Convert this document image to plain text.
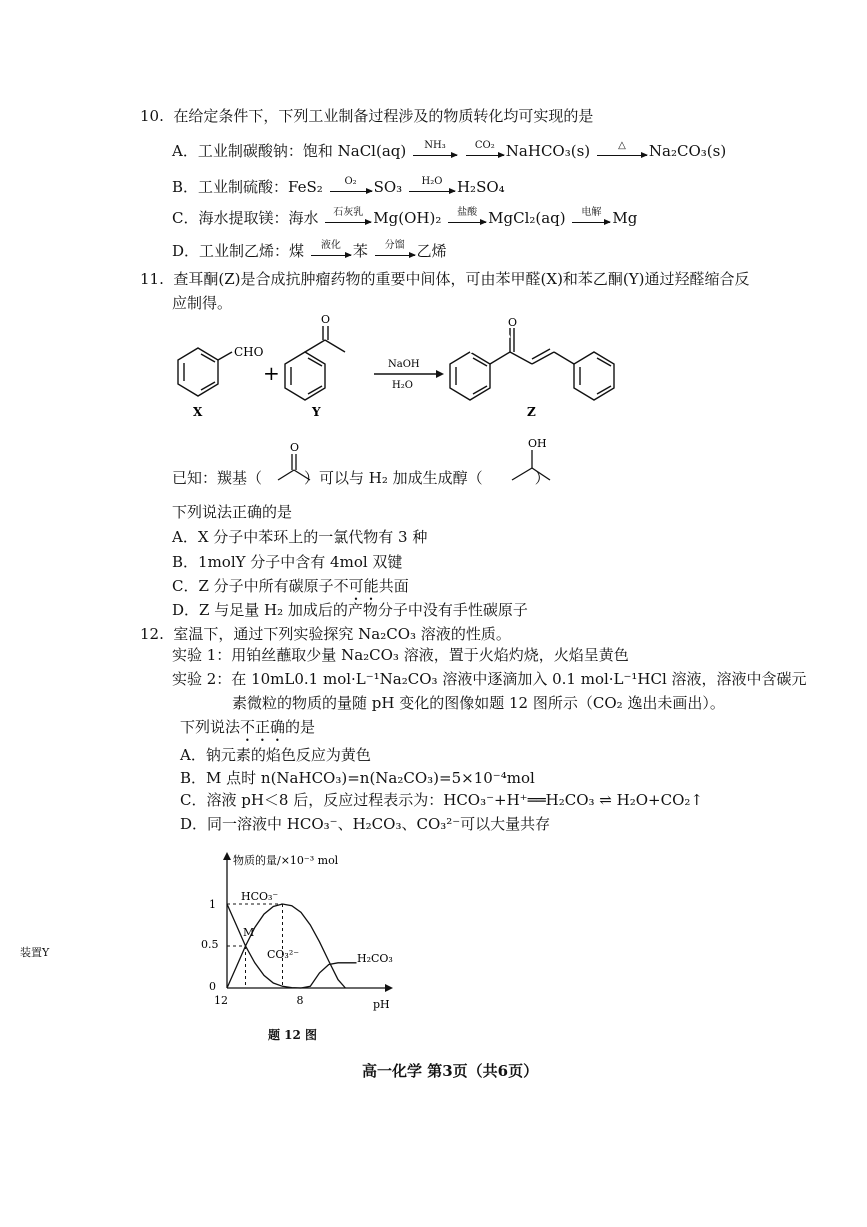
10. 在给定条件下，下列工业制备过程涉及的物质转化均可实现的是
A．工业制碳酸钠：饱和 NaCl(aq)	NH₃
	CO₂ NaHCO₃(s)	△	Na₂CO₃(s)
B．工业制硫酸：FeS₂	O₂	SO₃	H₂O H₂SO₄
C．海水提取镁：海水	石灰乳 Mg(OH)₂	盐酸 MgCl₂(aq)	电解 Mg
D．工业制乙烯：煤	液化 苯	分馏 乙烯
11. 查耳酮(Z)是合成抗肿瘤药物的重要中间体，可由苯甲醛(X)和苯乙酮(Y)通过羟醛缩合反
应制得。
CHO
+
O	O
NaOH
H₂O
X	Y	Z
已知：羰基（	）可以与 H₂ 加成生成醇（	）
O	OH
下列说法正确的是
A．X 分子中苯环上的一氯代物有 3 种
B．1molY 分子中含有 4mol 双键
C．Z 分子中所有碳原子不可能共面
D．Z 与足量 H₂ 加成后的产物分子中没有手性碳原子
12. 室温下，通过下列实验探究 Na₂CO₃ 溶液的性质。
实验 1：用铂丝蘸取少量 Na₂CO₃ 溶液，置于火焰灼烧，火焰呈黄色
实验 2：在 10mL0.1 mol·L⁻¹Na₂CO₃ 溶液中逐滴加入 0.1 mol·L⁻¹HCl 溶液，溶液中含碳元
素微粒的物质的量随 pH 变化的图像如题 12 图所示（CO₂ 逸出未画出）。
下列说法不正确的是
A．钠元素的焰色反应为黄色
B．M 点时 n(NaHCO₃)=n(Na₂CO₃)=5×10⁻⁴mol
C．溶液 pH＜8 后，反应过程表示为：HCO₃⁻+H⁺══H₂CO₃ ⇌ H₂O+CO₂↑
D．同一溶液中 HCO₃⁻、H₂CO₃、CO₃²⁻可以大量共存
装置Y
物质的量/×10⁻³ mol
pH
12	8
1
0.5
0
M
HCO₃⁻
CO₃²⁻	H₂CO₃
题 12 图
高一化学 第3页（共6页）
